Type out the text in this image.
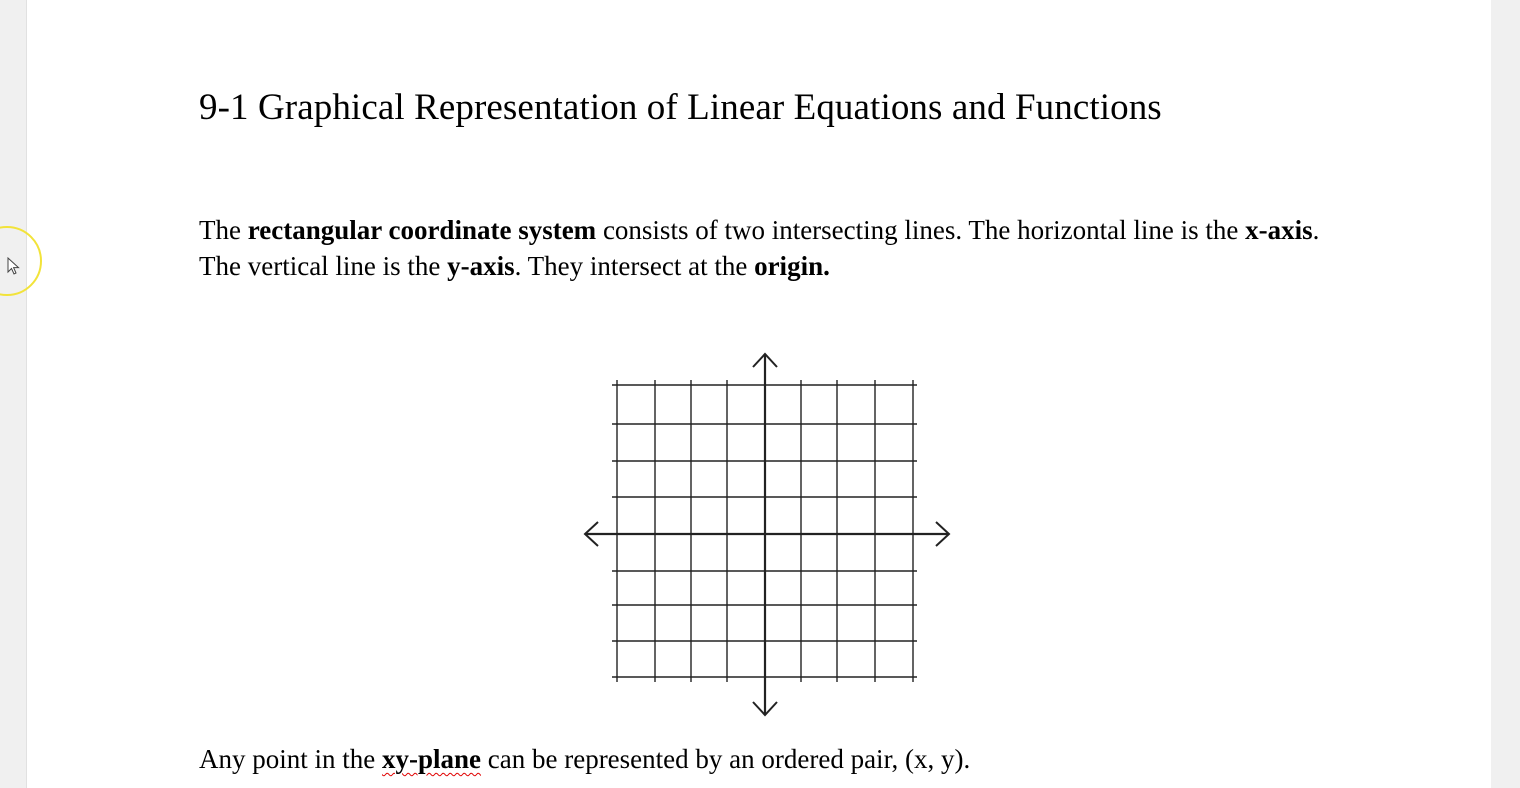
9-1 Graphical Representation of Linear Equations and Functions

The rectangular coordinate system consists of two intersecting lines. The horizontal line is the x-axis. The vertical line is the y-axis. They intersect at the origin.

Any point in the xy-plane can be represented by an ordered pair, (x, y).
